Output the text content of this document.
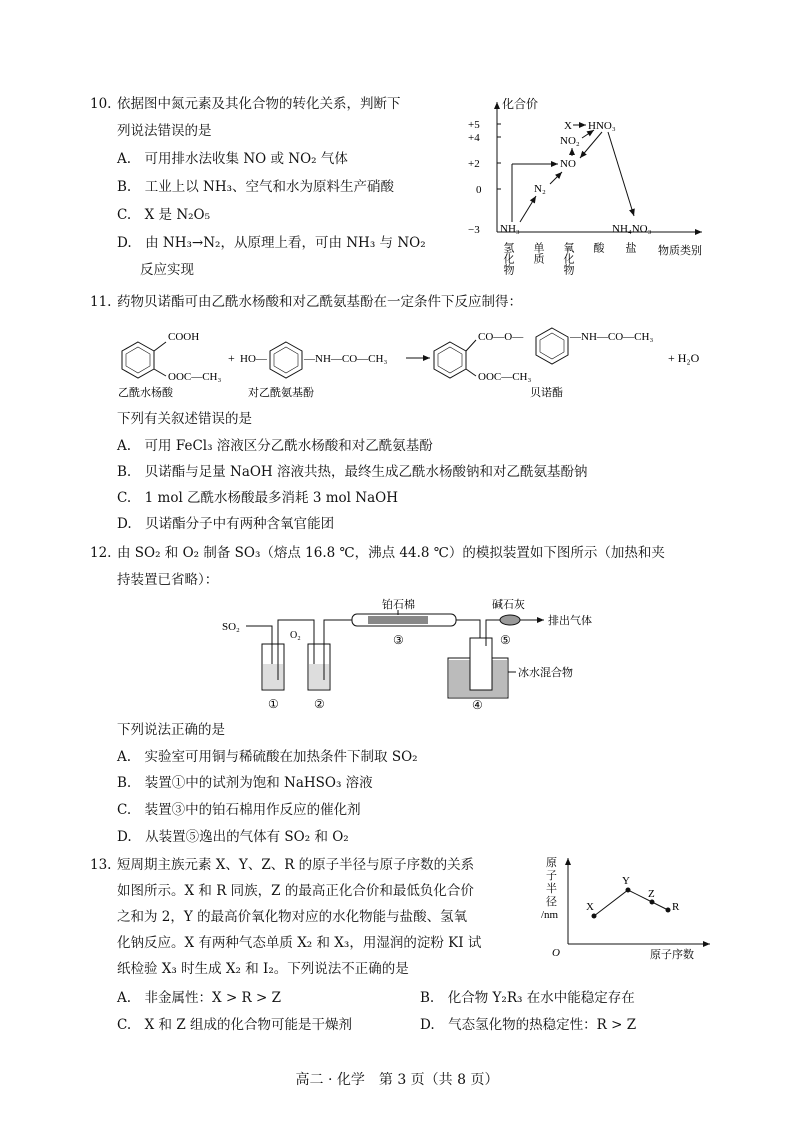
10. 依据图中氮元素及其化合物的转化关系，判断下
列说法错误的是
A.　可用排水法收集 NO 或 NO₂ 气体
B.　工业上以 NH₃、空气和水为原料生产硝酸
C.　X 是 N₂O₅
D.　由 NH₃→N₂，从原理上看，可由 NH₃ 与 NO₂
反应实现
化合价
+5
+4
+2
0
−3
氢化物 单质 氧化物 酸 盐 物质类别
X HNO₃
NO₂
NO
N₂
NH₃	NH₄NO₃
11. 药物贝诺酯可由乙酰水杨酸和对乙酰氨基酚在一定条件下反应制得：
COOH
OOC—CH₃
乙酰水杨酸
+ HO—	—NH—CO—CH₃
对乙酰氨基酚
CO—O—	—NH—CO—CH₃
OOC—CH₃
贝诺酯
+ H₂O
下列有关叙述错误的是
A.　可用 FeCl₃ 溶液区分乙酰水杨酸和对乙酰氨基酚
B.　贝诺酯与足量 NaOH 溶液共热，最终生成乙酰水杨酸钠和对乙酰氨基酚钠
C.　1 mol 乙酰水杨酸最多消耗 3 mol NaOH
D.　贝诺酯分子中有两种含氧官能团
12. 由 SO₂ 和 O₂ 制备 SO₃（熔点 16.8 ℃，沸点 44.8 ℃）的模拟装置如下图所示（加热和夹
持装置已省略）：
SO₂
O₂
铂石棉
③
冰水混合物
④
碱石灰
⑤
排出气体
①	②
下列说法正确的是
A.　实验室可用铜与稀硫酸在加热条件下制取 SO₂
B.　装置①中的试剂为饱和 NaHSO₃ 溶液
C.　装置③中的铂石棉用作反应的催化剂
D.　从装置⑤逸出的气体有 SO₂ 和 O₂
13. 短周期主族元素 X、Y、Z、R 的原子半径与原子序数的关系
如图所示。X 和 R 同族，Z 的最高正化合价和最低负化合价
之和为 2，Y 的最高价氧化物对应的水化物能与盐酸、氢氧
化钠反应。X 有两种气态单质 X₂ 和 X₃，用湿润的淀粉 KI 试
纸检验 X₃ 时生成 X₂ 和 I₂。下列说法不正确的是
原
子
半
径
/nm
O	原子序数
X
Y
Z
R
A.　非金属性：X > R > Z	B.　化合物 Y₂R₃ 在水中能稳定存在
C.　X 和 Z 组成的化合物可能是干燥剂	D.　气态氢化物的热稳定性：R > Z
高二 · 化学　第 3 页（共 8 页）
